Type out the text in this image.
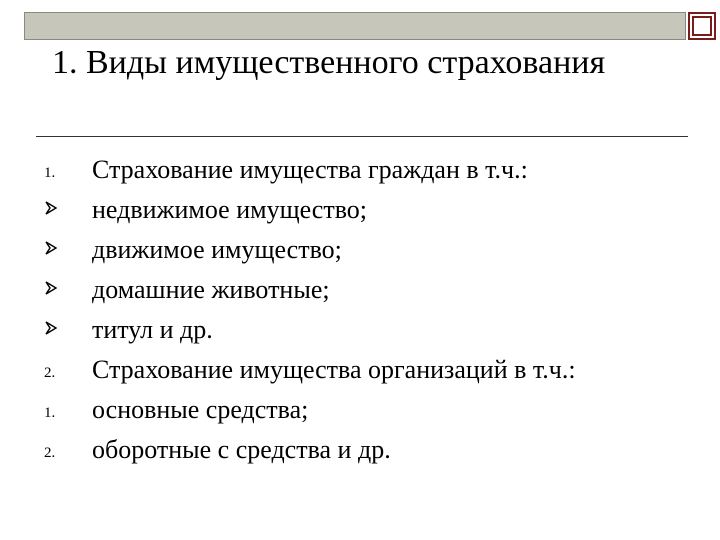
1. Виды имущественного страхования
1. Страхование имущества граждан в т.ч.:
недвижимое имущество;
движимое имущество;
домашние животные;
титул и др.
2. Страхование имущества организаций в т.ч.:
1. основные средства;
2. оборотные с средства и др.
